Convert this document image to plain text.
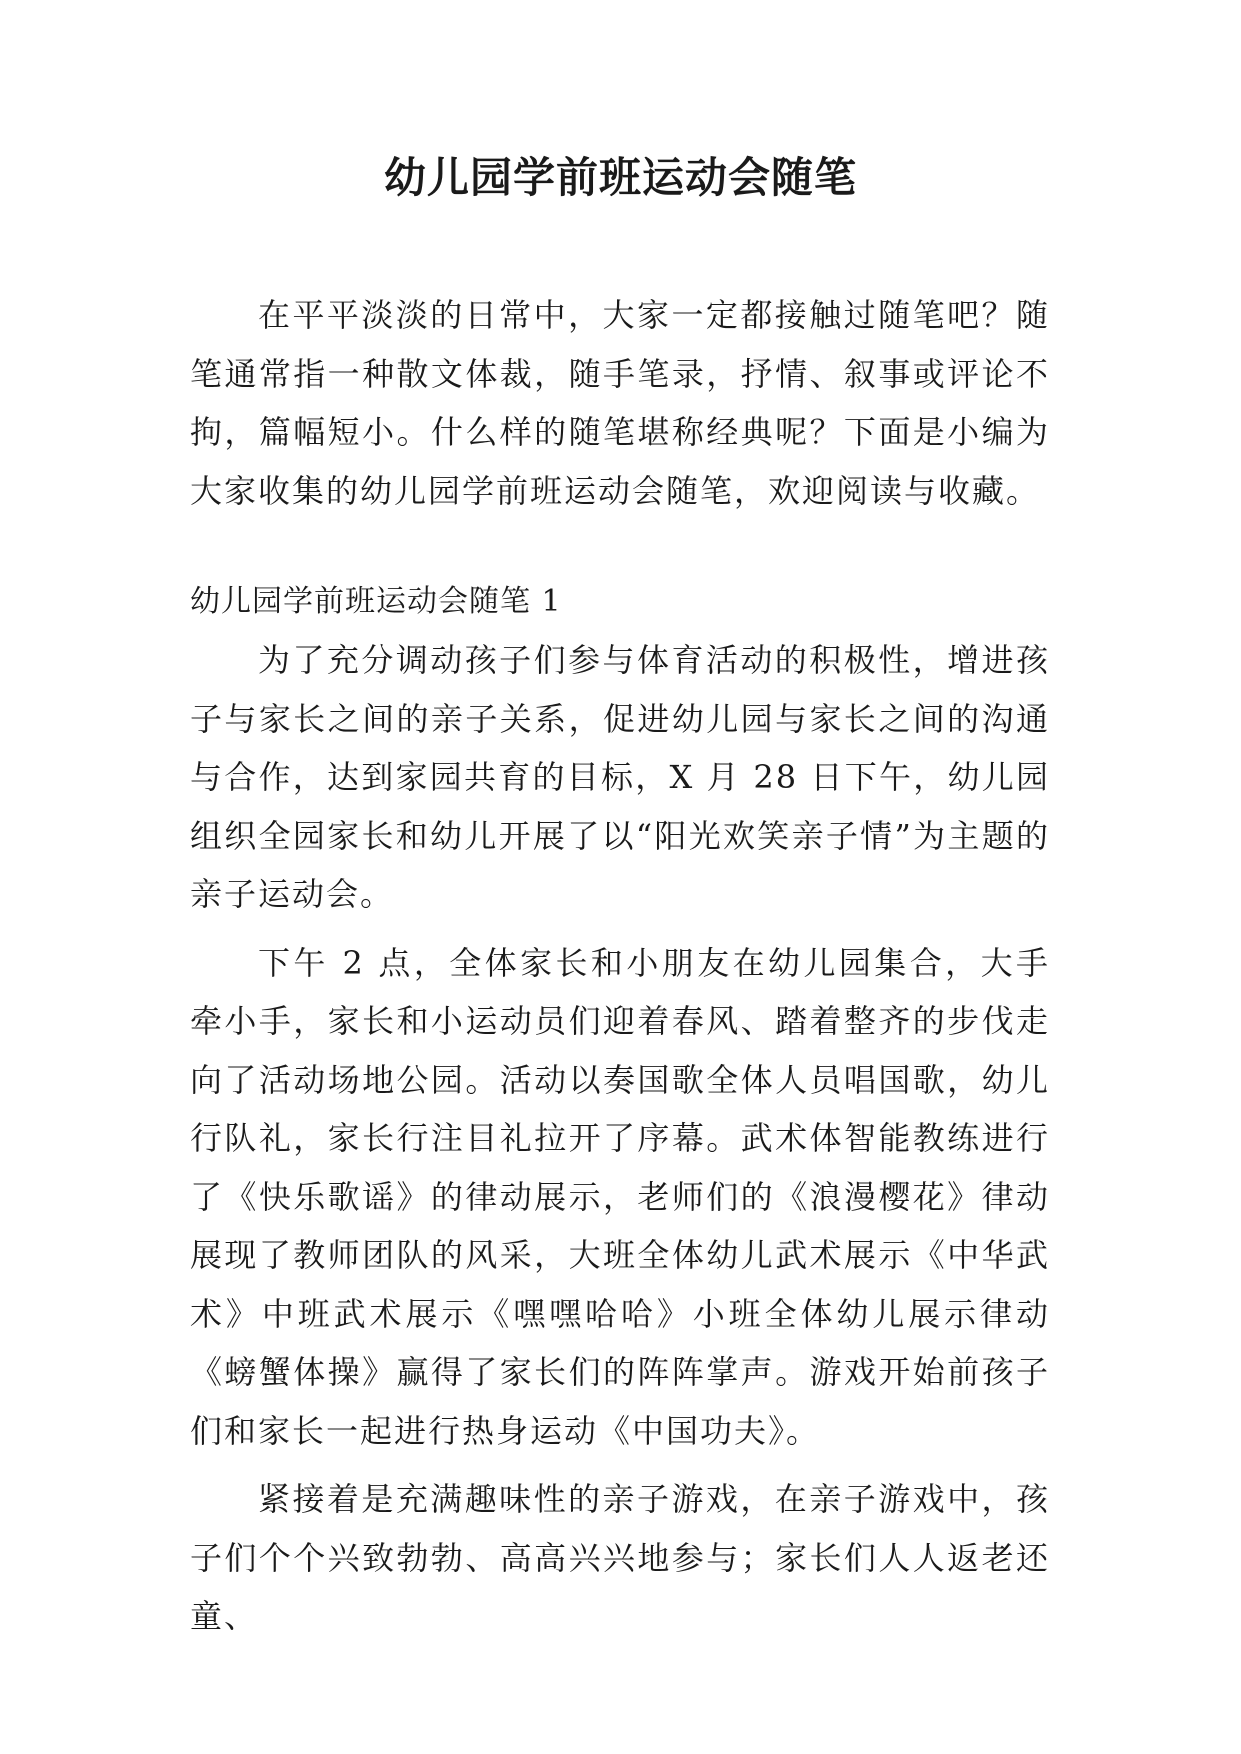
幼儿园学前班运动会随笔

在平平淡淡的日常中，大家一定都接触过随笔吧？随笔通常指一种散文体裁，随手笔录，抒情、叙事或评论不拘，篇幅短小。什么样的随笔堪称经典呢？下面是小编为大家收集的幼儿园学前班运动会随笔，欢迎阅读与收藏。

幼儿园学前班运动会随笔 1

为了充分调动孩子们参与体育活动的积极性，增进孩子与家长之间的亲子关系，促进幼儿园与家长之间的沟通与合作，达到家园共育的目标，X 月 28 日下午，幼儿园组织全园家长和幼儿开展了以“阳光欢笑亲子情”为主题的亲子运动会。

下午 2 点，全体家长和小朋友在幼儿园集合，大手牵小手，家长和小运动员们迎着春风、踏着整齐的步伐走向了活动场地公园。活动以奏国歌全体人员唱国歌，幼儿行队礼，家长行注目礼拉开了序幕。武术体智能教练进行了《快乐歌谣》的律动展示，老师们的《浪漫樱花》律动展现了教师团队的风采，大班全体幼儿武术展示《中华武术》中班武术展示《嘿嘿哈哈》小班全体幼儿展示律动《螃蟹体操》赢得了家长们的阵阵掌声。游戏开始前孩子们和家长一起进行热身运动《中国功夫》。

紧接着是充满趣味性的亲子游戏，在亲子游戏中，孩子们个个兴致勃勃、高高兴兴地参与；家长们人人返老还童、
